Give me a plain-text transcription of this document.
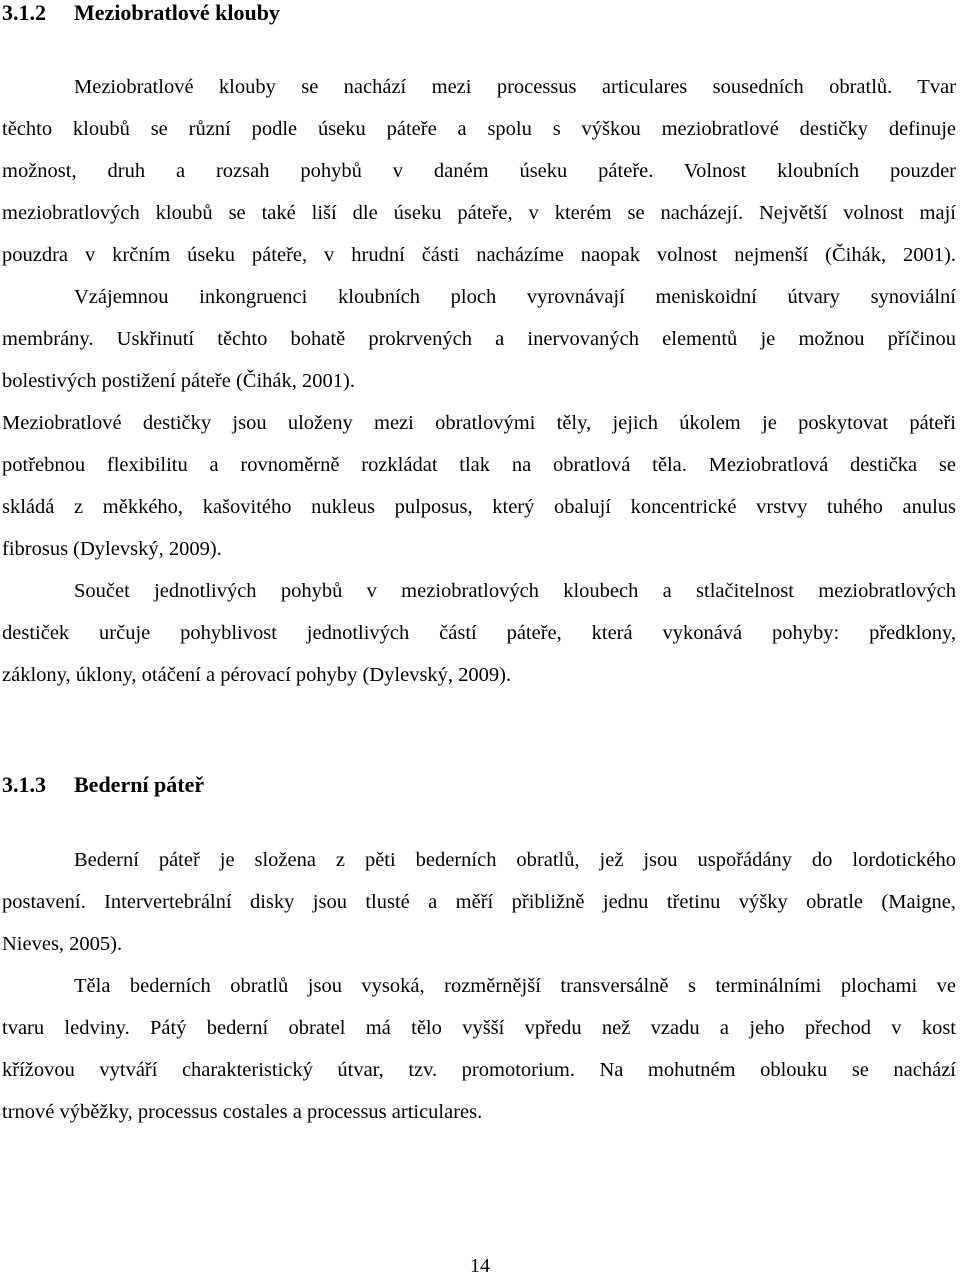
3.1.2 Meziobratlové klouby
Meziobratlové klouby se nachází mezi processus articulares sousedních obratlů. Tvar
těchto kloubů se různí podle úseku páteře a spolu s výškou meziobratlové destičky definuje
možnost, druh a rozsah pohybů v daném úseku páteře. Volnost kloubních pouzder
meziobratlových kloubů se také liší dle úseku páteře, v kterém se nacházejí. Největší volnost mají
pouzdra v krčním úseku páteře, v hrudní části nacházíme naopak volnost nejmenší (Čihák, 2001).
Vzájemnou inkongruenci kloubních ploch vyrovnávají meniskoidní útvary synoviální
membrány. Uskřinutí těchto bohatě prokrvených a inervovaných elementů je možnou příčinou
bolestivých postižení páteře (Čihák, 2001).
Meziobratlové destičky jsou uloženy mezi obratlovými těly, jejich úkolem je poskytovat páteři
potřebnou flexibilitu a rovnoměrně rozkládat tlak na obratlová těla. Meziobratlová destička se
skládá z měkkého, kašovitého nukleus pulposus, který obalují koncentrické vrstvy tuhého anulus
fibrosus (Dylevský, 2009).
Součet jednotlivých pohybů v meziobratlových kloubech a stlačitelnost meziobratlových
destiček určuje pohyblivost jednotlivých částí páteře, která vykonává pohyby: předklony,
záklony, úklony, otáčení a pérovací pohyby (Dylevský, 2009).
3.1.3 Bederní páteř
Bederní páteř je složena z pěti bederních obratlů, jež jsou uspořádány do lordotického
postavení. Intervertebrální disky jsou tlusté a měří přibližně jednu třetinu výšky obratle (Maigne,
Nieves, 2005).
Těla bederních obratlů jsou vysoká, rozměrnější transversálně s terminálními plochami ve
tvaru ledviny. Pátý bederní obratel má tělo vyšší vpředu než vzadu a jeho přechod v kost
křížovou vytváří charakteristický útvar, tzv. promotorium. Na mohutném oblouku se nachází
trnové výběžky, processus costales a processus articulares.

14
